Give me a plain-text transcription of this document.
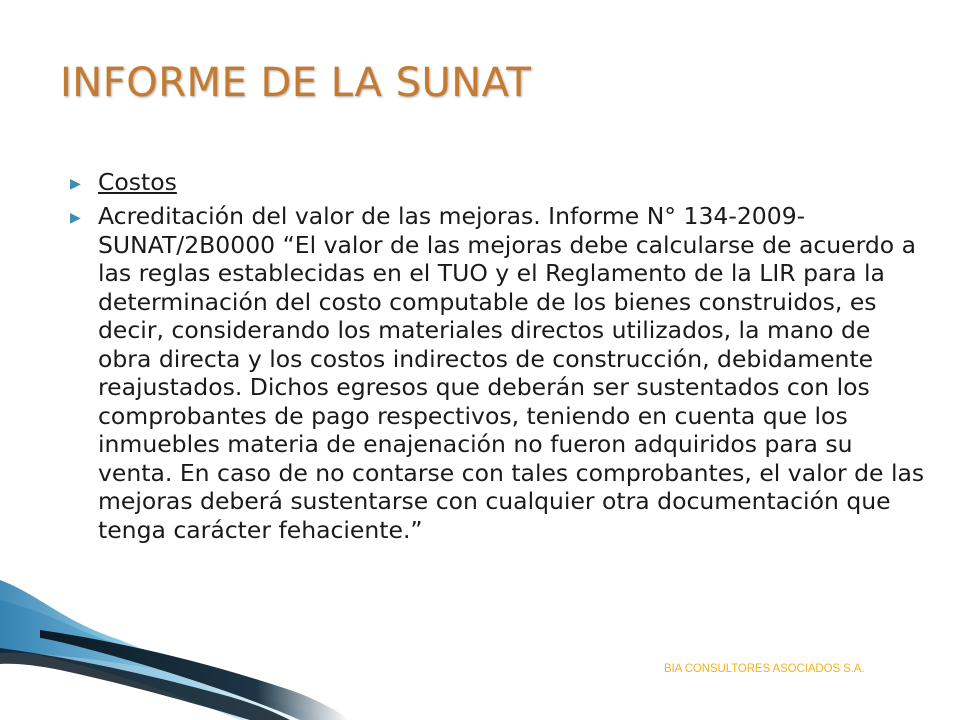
INFORME DE LA SUNAT
▶ Costos
▶ Acreditación del valor de las mejoras. Informe N° 134-2009-SUNAT/2B0000 “El valor de las mejoras debe calcularse de acuerdo a las reglas establecidas en el TUO y el Reglamento de la LIR para la determinación del costo computable de los bienes construidos, es decir, considerando los materiales directos utilizados, la mano de obra directa y los costos indirectos de construcción, debidamente reajustados. Dichos egresos que deberán ser sustentados con los comprobantes de pago respectivos, teniendo en cuenta que los inmuebles materia de enajenación no fueron adquiridos para su venta. En caso de no contarse con tales comprobantes, el valor de las mejoras deberá sustentarse con cualquier otra documentación que tenga carácter fehaciente.”
BIA CONSULTORES ASOCIADOS S.A.
